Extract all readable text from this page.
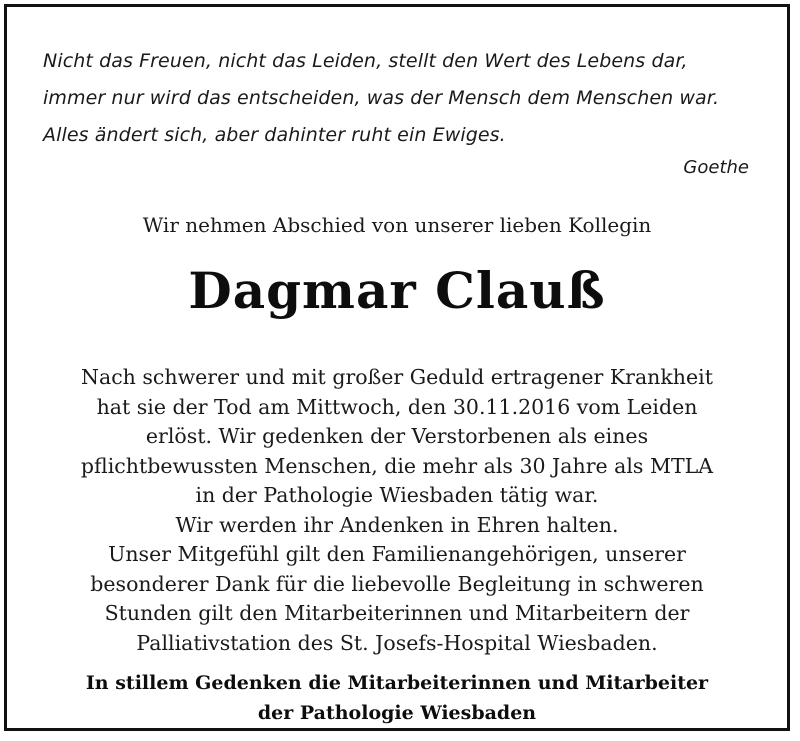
Nicht das Freuen, nicht das Leiden, stellt den Wert des Lebens dar,
immer nur wird das entscheiden, was der Mensch dem Menschen war.
Alles ändert sich, aber dahinter ruht ein Ewiges.
Goethe
Wir nehmen Abschied von unserer lieben Kollegin
Dagmar Clauß
Nach schwerer und mit großer Geduld ertragener Krankheit
hat sie der Tod am Mittwoch, den 30.11.2016 vom Leiden
erlöst. Wir gedenken der Verstorbenen als eines
pflichtbewussten Menschen, die mehr als 30 Jahre als MTLA
in der Pathologie Wiesbaden tätig war.
Wir werden ihr Andenken in Ehren halten.
Unser Mitgefühl gilt den Familienangehörigen, unserer
besonderer Dank für die liebevolle Begleitung in schweren
Stunden gilt den Mitarbeiterinnen und Mitarbeitern der
Palliativstation des St. Josefs-Hospital Wiesbaden.
In stillem Gedenken die Mitarbeiterinnen und Mitarbeiter
der Pathologie Wiesbaden
